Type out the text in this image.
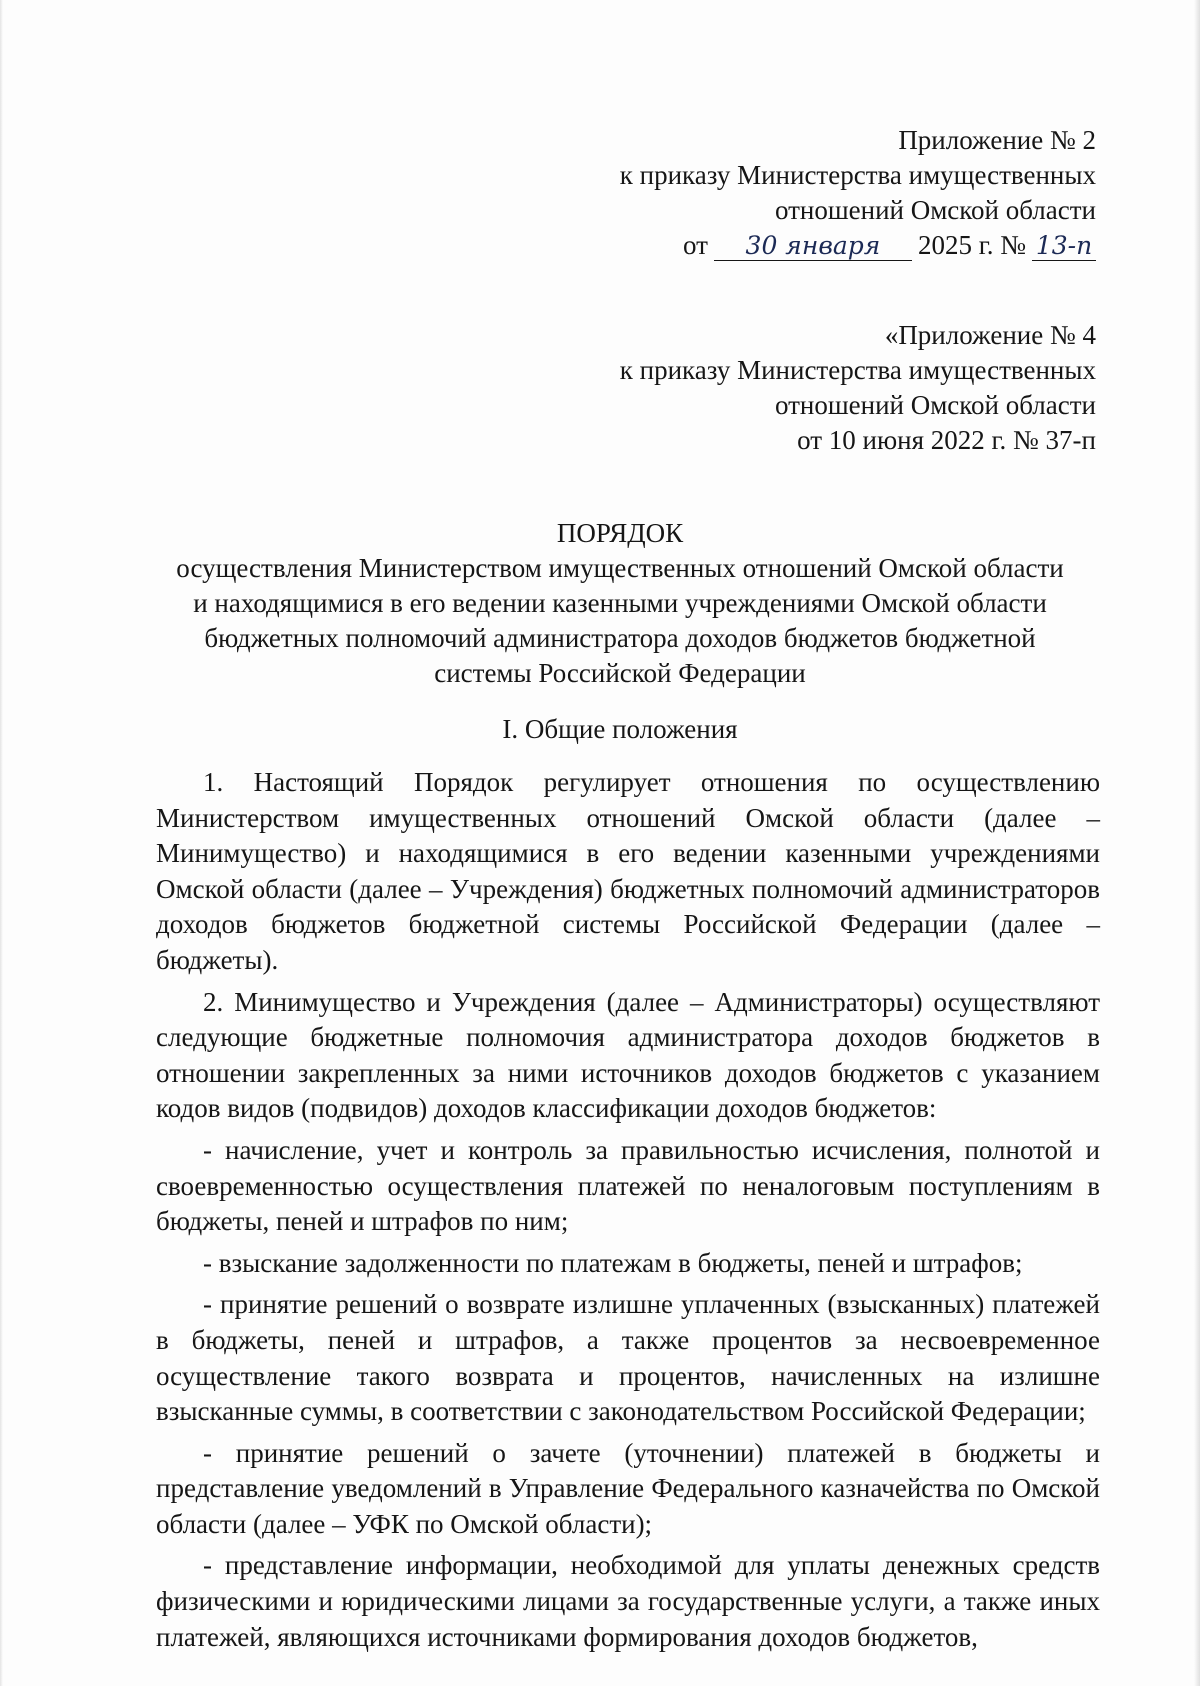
Приложение № 2
к приказу Министерства имущественных
отношений Омской области
от 30 января 2025 г. № 13-п
«Приложение № 4
к приказу Министерства имущественных
отношений Омской области
от 10 июня 2022 г. № 37-п
ПОРЯДОК
осуществления Министерством имущественных отношений Омской области
и находящимися в его ведении казенными учреждениями Омской области
бюджетных полномочий администратора доходов бюджетов бюджетной
системы Российской Федерации
I. Общие положения

1. Настоящий Порядок регулирует отношения по осуществлению Министерством имущественных отношений Омской области (далее – Минимущество) и находящимися в его ведении казенными учреждениями Омской области (далее – Учреждения) бюджетных полномочий администраторов доходов бюджетов бюджетной системы Российской Федерации (далее – бюджеты).

2. Минимущество и Учреждения (далее – Администраторы) осуществляют следующие бюджетные полномочия администратора доходов бюджетов в отношении закрепленных за ними источников доходов бюджетов с указанием кодов видов (подвидов) доходов классификации доходов бюджетов:

- начисление, учет и контроль за правильностью исчисления, полнотой и своевременностью осуществления платежей по неналоговым поступлениям в бюджеты, пеней и штрафов по ним;

- взыскание задолженности по платежам в бюджеты, пеней и штрафов;

- принятие решений о возврате излишне уплаченных (взысканных) платежей в бюджеты, пеней и штрафов, а также процентов за несвоевременное осуществление такого возврата и процентов, начисленных на излишне взысканные суммы, в соответствии с законодательством Российской Федерации;

- принятие решений о зачете (уточнении) платежей в бюджеты и представление уведомлений в Управление Федерального казначейства по Омской области (далее – УФК по Омской области);

- представление информации, необходимой для уплаты денежных средств физическими и юридическими лицами за государственные услуги, а также иных платежей, являющихся источниками формирования доходов бюджетов,
